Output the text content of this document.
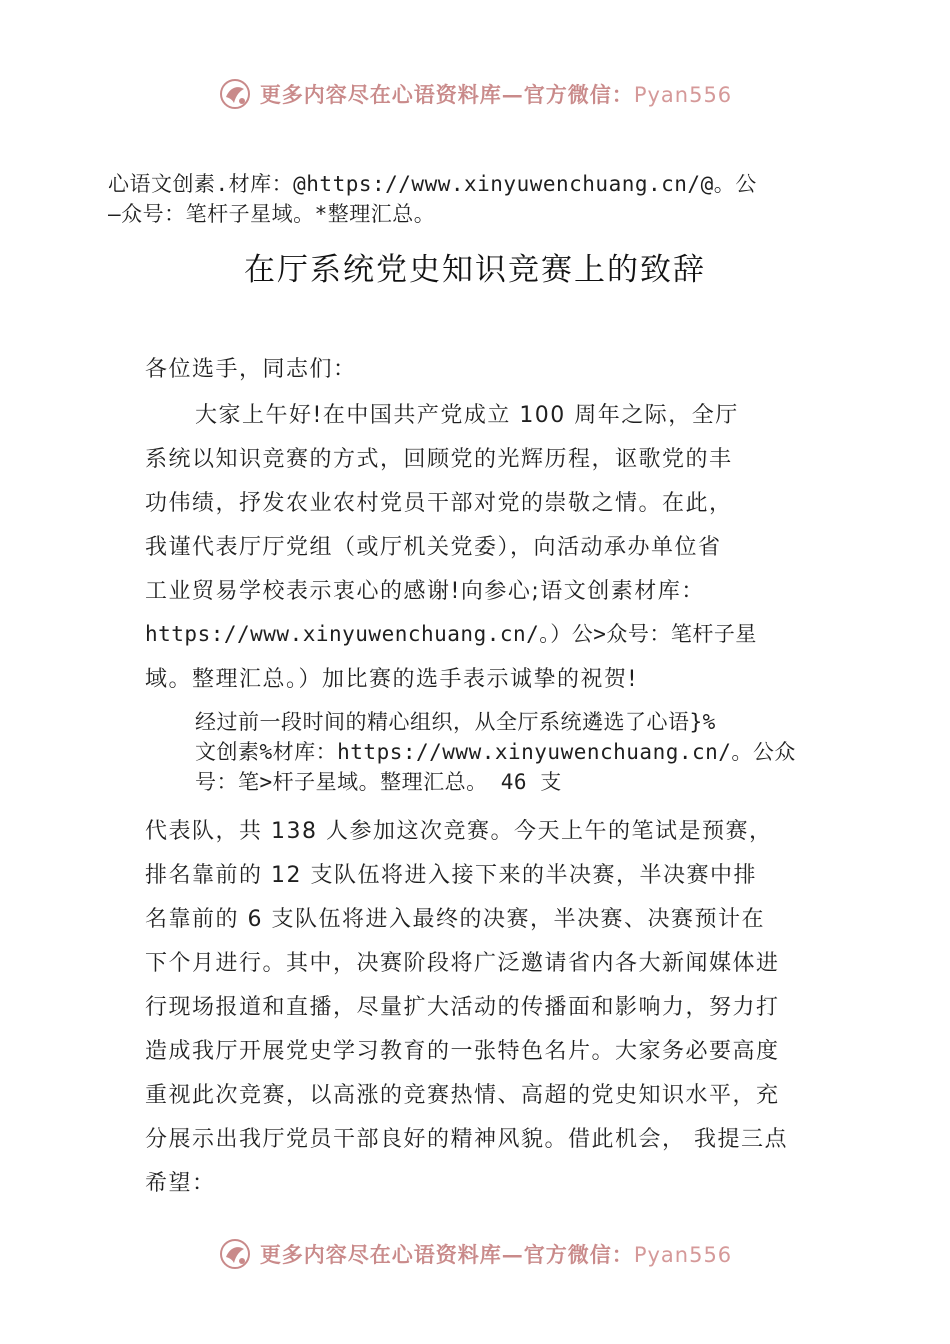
更多内容尽在心语资料库—官方微信：Pyan556
心语文创素.材库：@https://www.xinyuwenchuang.cn/@。公
—众号：笔杆子星域。*整理汇总。
在厅系统党史知识竞赛上的致辞
各位选手，同志们：
大家上午好!在中国共产党成立 100 周年之际，全厅
系统以知识竞赛的方式，回顾党的光辉历程，讴歌党的丰
功伟绩，抒发农业农村党员干部对党的崇敬之情。在此，
我谨代表厅厅党组（或厅机关党委），向活动承办单位省
工业贸易学校表示衷心的感谢!向参心;语文创素材库：
https://www.xinyuwenchuang.cn/。）公>众号：笔杆子星
域。整理汇总。）加比赛的选手表示诚挚的祝贺!
经过前一段时间的精心组织，从全厅系统遴选了心语}%
文创素%材库：https://www.xinyuwenchuang.cn/。公众
号：笔>杆子星域。整理汇总。 46 支
代表队，共 138 人参加这次竞赛。今天上午的笔试是预赛，
排名靠前的 12 支队伍将进入接下来的半决赛，半决赛中排
名靠前的 6 支队伍将进入最终的决赛，半决赛、决赛预计在
下个月进行。其中，决赛阶段将广泛邀请省内各大新闻媒体进
行现场报道和直播，尽量扩大活动的传播面和影响力，努力打
造成我厅开展党史学习教育的一张特色名片。大家务必要高度
重视此次竞赛，以高涨的竞赛热情、高超的党史知识水平，充
分展示出我厅党员干部良好的精神风貌。借此机会， 我提三点
希望：
更多内容尽在心语资料库—官方微信：Pyan556
